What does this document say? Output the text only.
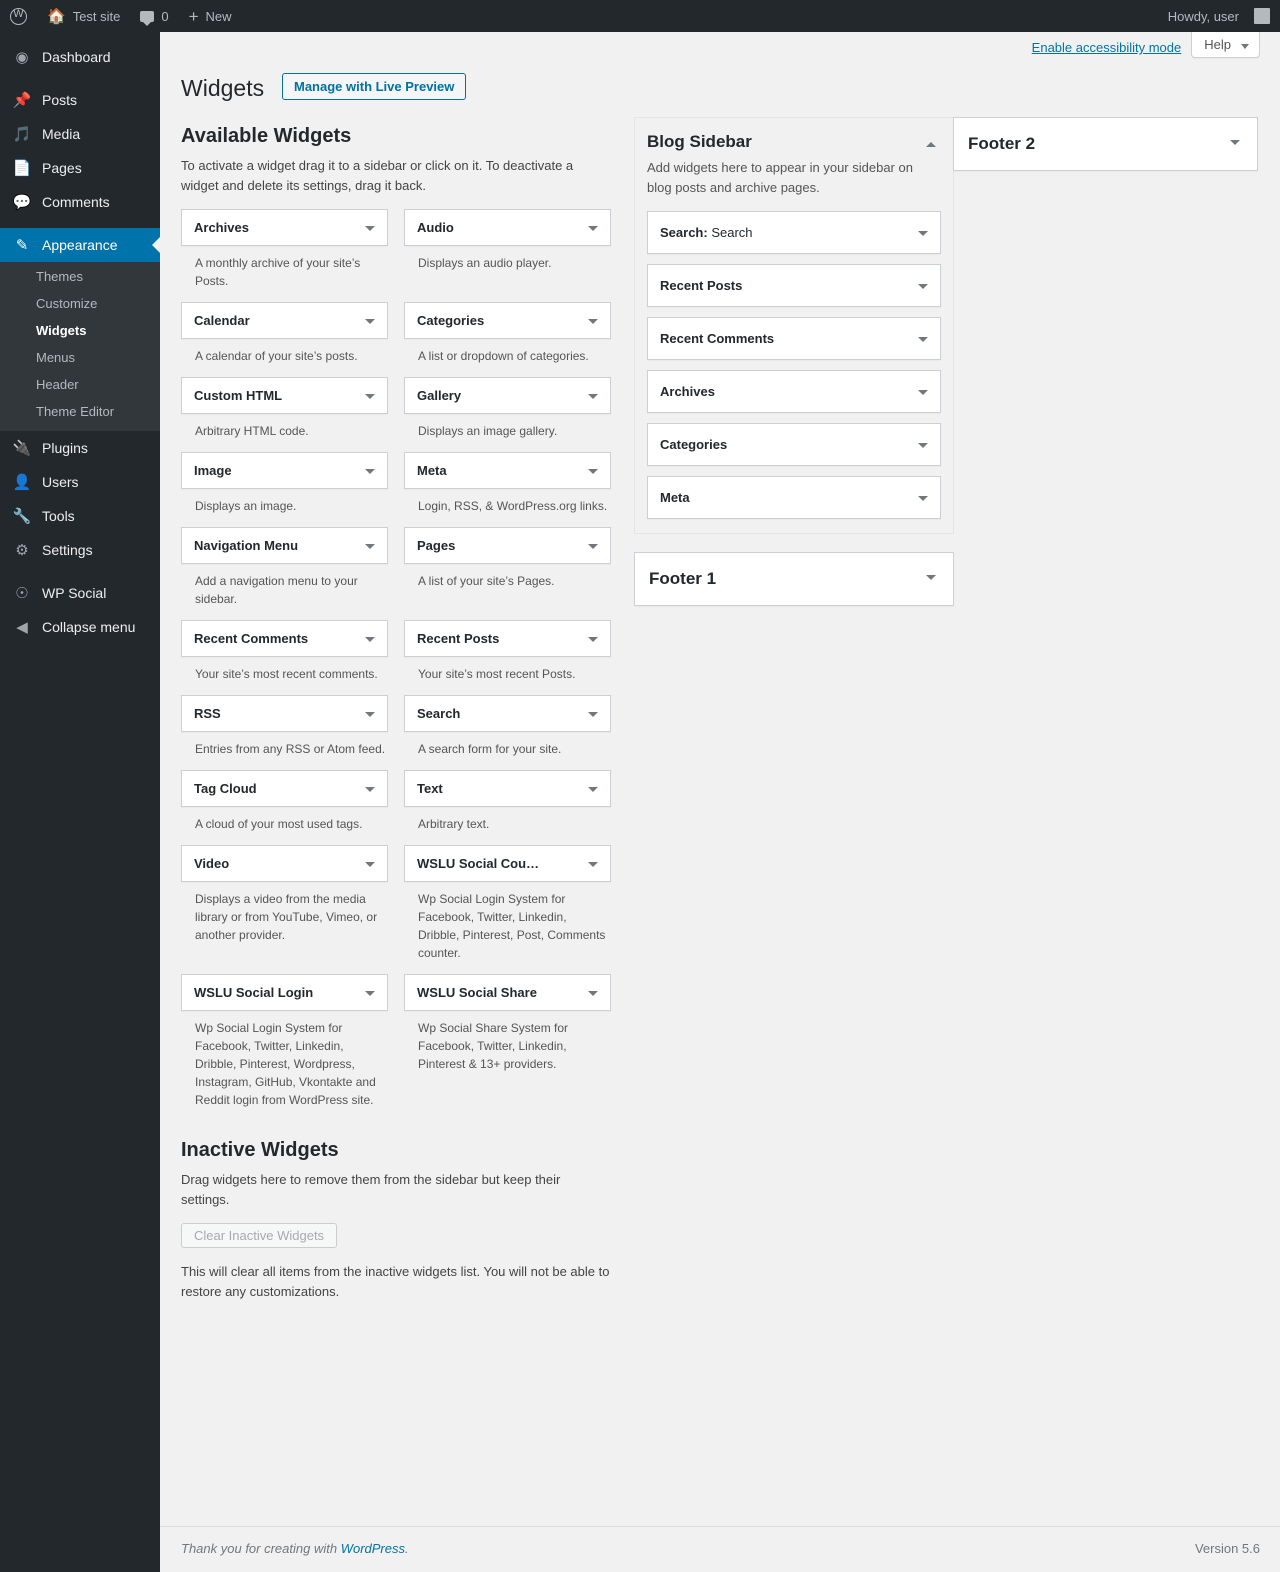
W
🏠 Test site	0 + New	Howdy, user
◉ Dashboard
📌 Posts
🎵 Media
📄 Pages
💬 Comments
✎ Appearance
Themes
Customize
Widgets
Menus
Header
Theme Editor
🔌 Plugins
👤 Users
🔧 Tools
⚙ Settings
☉ WP Social
◀	Collapse menu
Enable accessibility mode	Help
Widgets	Manage with Live Preview
Available Widgets

To activate a widget drag it to a sidebar or click on it. To deactivate a widget and delete its settings, drag it back.

Archives
A monthly archive of your site’s Posts.
Audio
Displays an audio player.
Calendar
A calendar of your site’s posts.
Categories
A list or dropdown of categories.
Custom HTML
Arbitrary HTML code.
Gallery
Displays an image gallery.
Image
Displays an image.
Meta
Login, RSS, & WordPress.org links.
Navigation Menu
Add a navigation menu to your sidebar.
Pages
A list of your site’s Pages.
Recent Comments
Your site’s most recent comments.
Recent Posts
Your site’s most recent Posts.
RSS
Entries from any RSS or Atom feed.
Search
A search form for your site.
Tag Cloud
A cloud of your most used tags.
Text
Arbitrary text.
Video
Displays a video from the media library or from YouTube, Vimeo, or another provider.
WSLU Social Cou…
Wp Social Login System for Facebook, Twitter, Linkedin, Dribble, Pinterest, Post, Comments counter.
WSLU Social Login
Wp Social Login System for Facebook, Twitter, Linkedin, Dribble, Pinterest, Wordpress, Instagram, GitHub, Vkontakte and Reddit login from WordPress site.
WSLU Social Share
Wp Social Share System for Facebook, Twitter, Linkedin, Pinterest & 13+ providers.
Inactive Widgets

Drag widgets here to remove them from the sidebar but keep their settings.

Clear Inactive Widgets

This will clear all items from the inactive widgets list. You will not be able to restore any customizations.

Blog Sidebar

Add widgets here to appear in your sidebar on blog posts and archive pages.

Search: Search
Recent Posts
Recent Comments
Archives
Categories
Meta
Footer 1
Footer 2
Thank you for creating with WordPress.	Version 5.6
